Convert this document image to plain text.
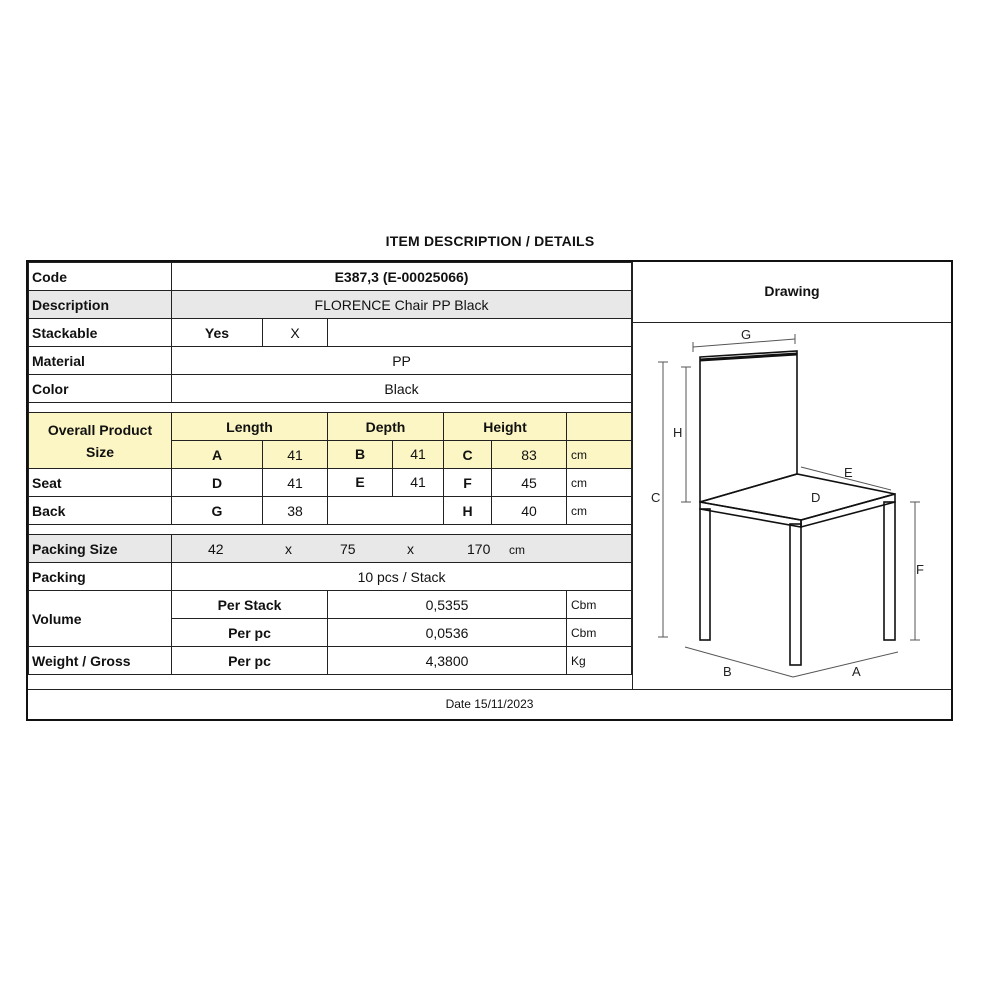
ITEM DESCRIPTION / DETAILS
Code	E387,3 (E-00025066)					
Description	FLORENCE Chair PP Black					
Stackable	Yes	X				
Material	PP					
Color	Black					

Overall Product Size	Length		Depth	Height		
	A	41	B 41	C	83	cm
Seat	D	41	E 41	F	45	cm
Back	G	38		H	40	cm

Packing Size	42 x 75 x 170 cm					
Packing	10 pcs / Stack					
Volume	Per Stack		0,5355			Cbm
	Per pc		0,0536			Cbm
Weight / Gross	Per pc		4,3800			Kg
Drawing
G
H
C
E
D
F
B	A
Date 15/11/2023
